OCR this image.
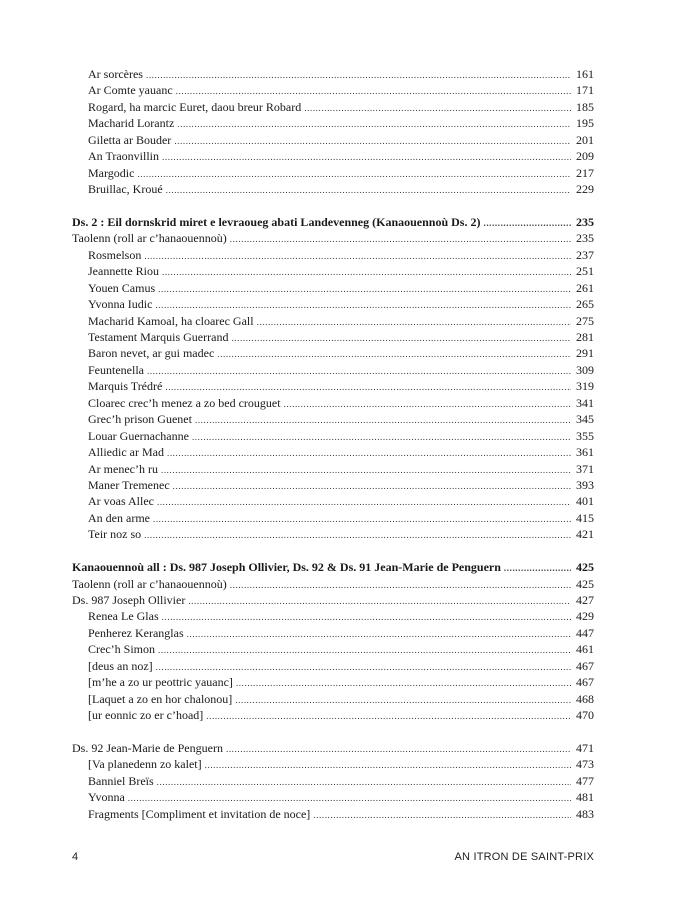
Ar sorcères .....	161
Ar Comte yauanc .....	171
Rogard, ha marcic Euret, daou breur Robard .....	185
Macharid Lorantz .....	195
Giletta ar Bouder .....	201
An Traonvillin .....	209
Margodic .....	217
Bruillac, Kroué .....	229
Ds. 2 : Eil dornskrid miret e levraoueg abati Landevenneg (Kanaouennoù Ds. 2) .....	235
Taolenn (roll ar c’hanaouennoù) .....	235
Rosmelson .....	237
Jeannette Riou .....	251
Youen Camus .....	261
Yvonna Iudic .....	265
Macharid Kamoal, ha cloarec Gall .....	275
Testament Marquis Guerrand .....	281
Baron nevet, ar gui madec .....	291
Feuntenella .....	309
Marquis Trédré .....	319
Cloarec crec’h menez a zo bed crouguet .....	341
Grec’h prison Guenet .....	345
Louar Guernachanne .....	355
Alliedic ar Mad .....	361
Ar menec’h ru .....	371
Maner Tremenec .....	393
Ar voas Allec .....	401
An den arme .....	415
Teir noz so .....	421
Kanaouennoù all : Ds. 987 Joseph Ollivier, Ds. 92 & Ds. 91 Jean-Marie de Penguern .....	425
Taolenn (roll ar c’hanaouennoù) .....	425
Ds. 987 Joseph Ollivier .....	427
Renea Le Glas .....	429
Penherez Keranglas .....	447
Crec’h Simon .....	461
[deus an noz] .....	467
[m’he a zo ur peottric yauanc] .....	467
[Laquet a zo en hor chalonou] .....	468
[ur eonnic zo er c’hoad] .....	470
Ds. 92 Jean-Marie de Penguern .....	471
[Va planedenn zo kalet] .....	473
Banniel Breïs .....	477
Yvonna .....	481
Fragments [Compliment et invitation de noce] .....	483
4	AN ITRON DE SAINT-PRIX
